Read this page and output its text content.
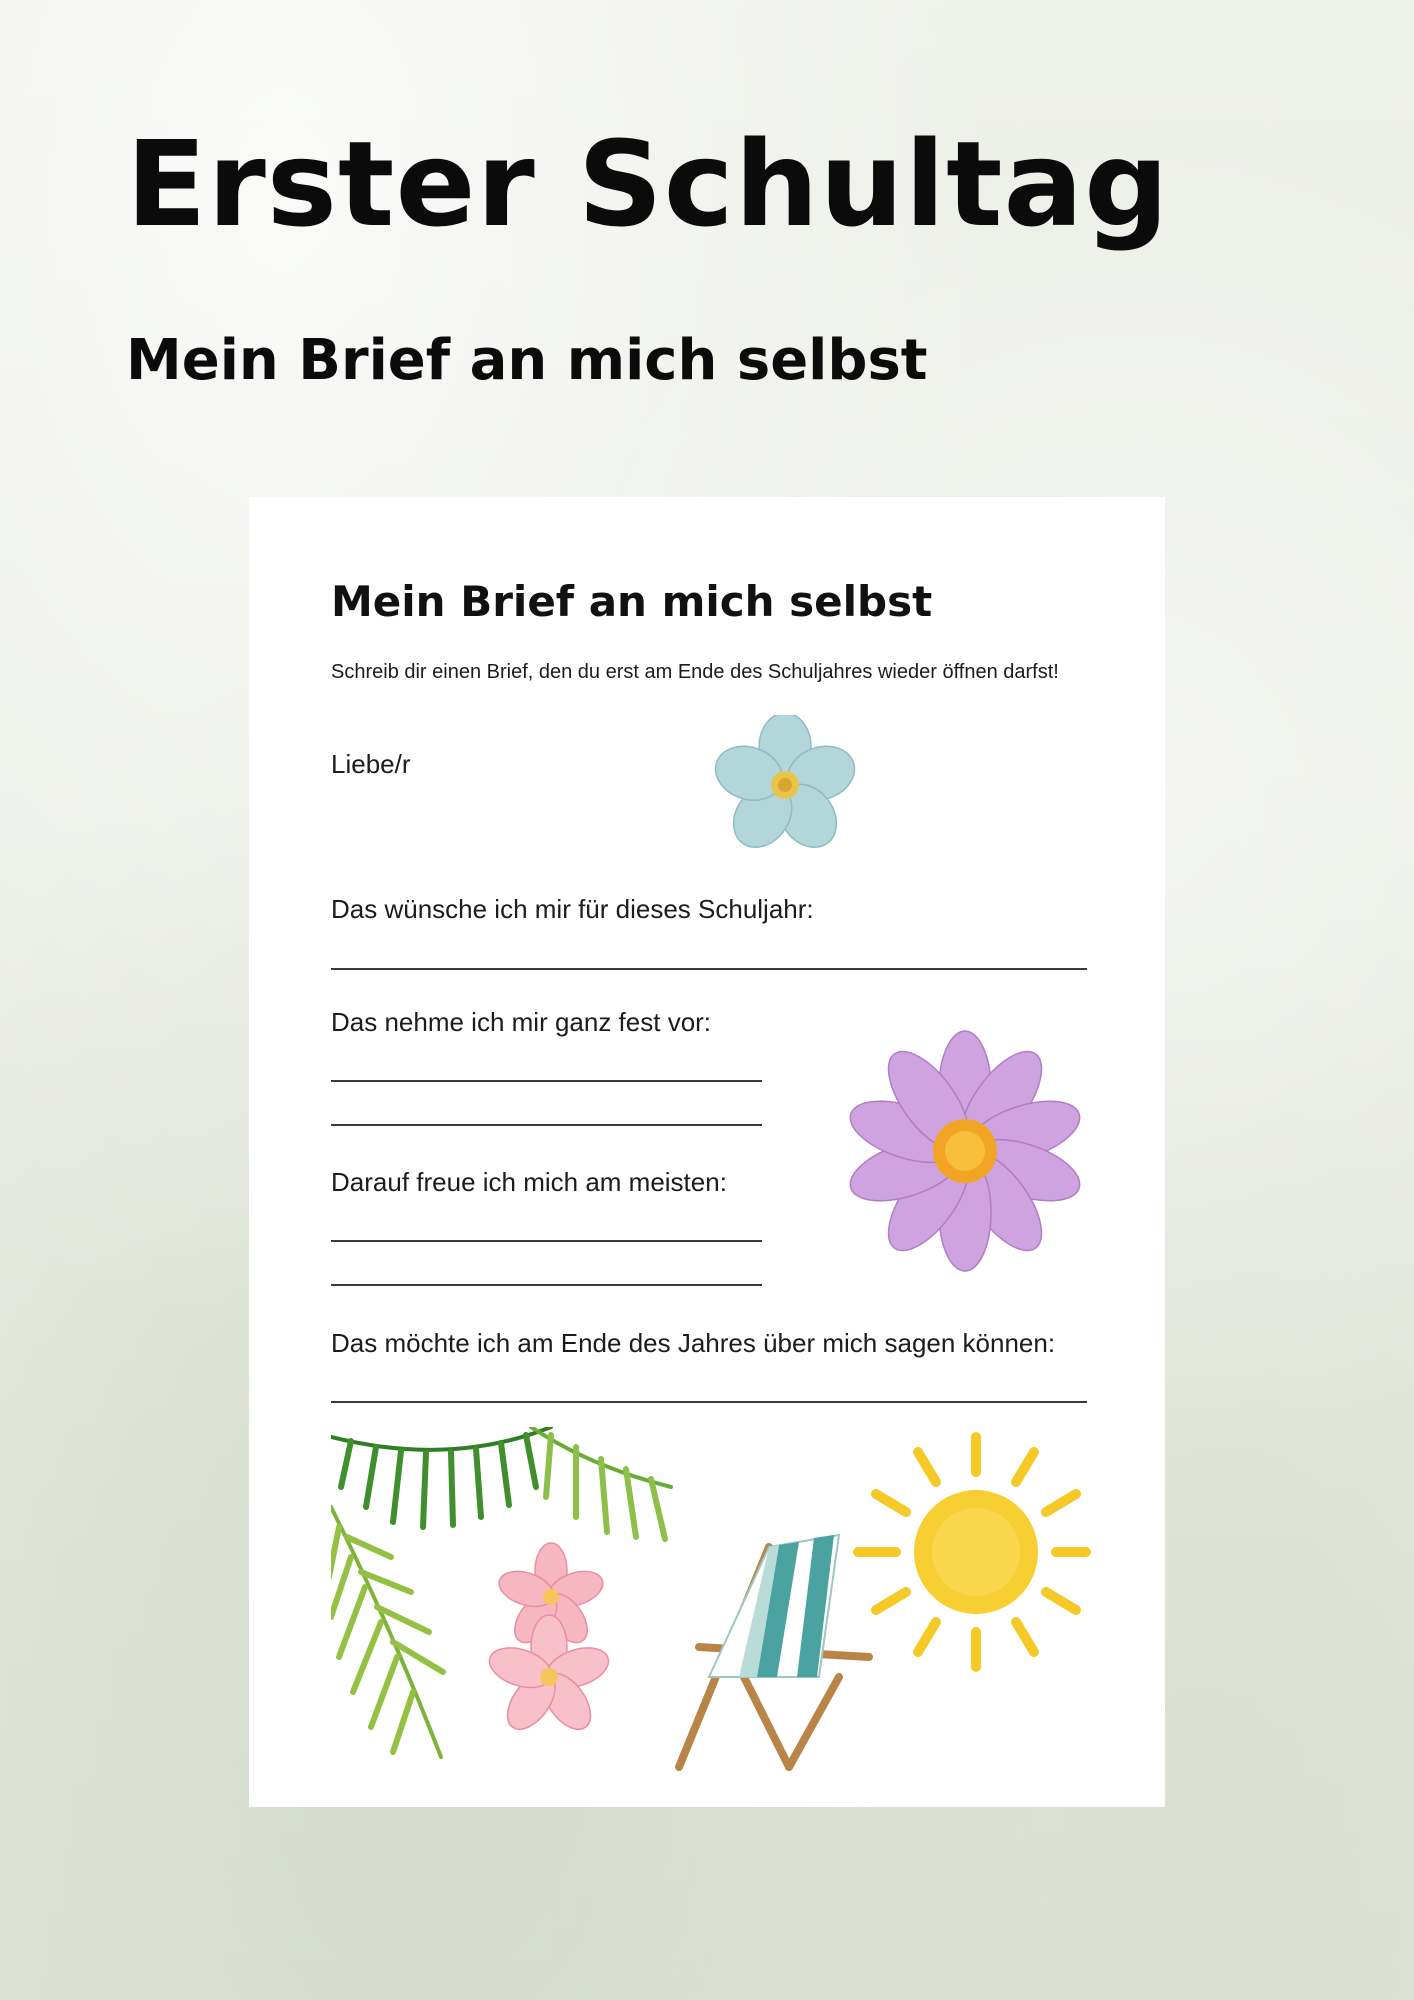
Erster Schultag
Mein Brief an mich selbst
Mein Brief an mich selbst

Schreib dir einen Brief, den du erst am Ende des Schuljahres wieder öffnen darfst!

Liebe/r

Das wünsche ich mir für dieses Schuljahr:

Das nehme ich mir ganz fest vor:

Darauf freue ich mich am meisten:

Das möchte ich am Ende des Jahres über mich sagen können:
